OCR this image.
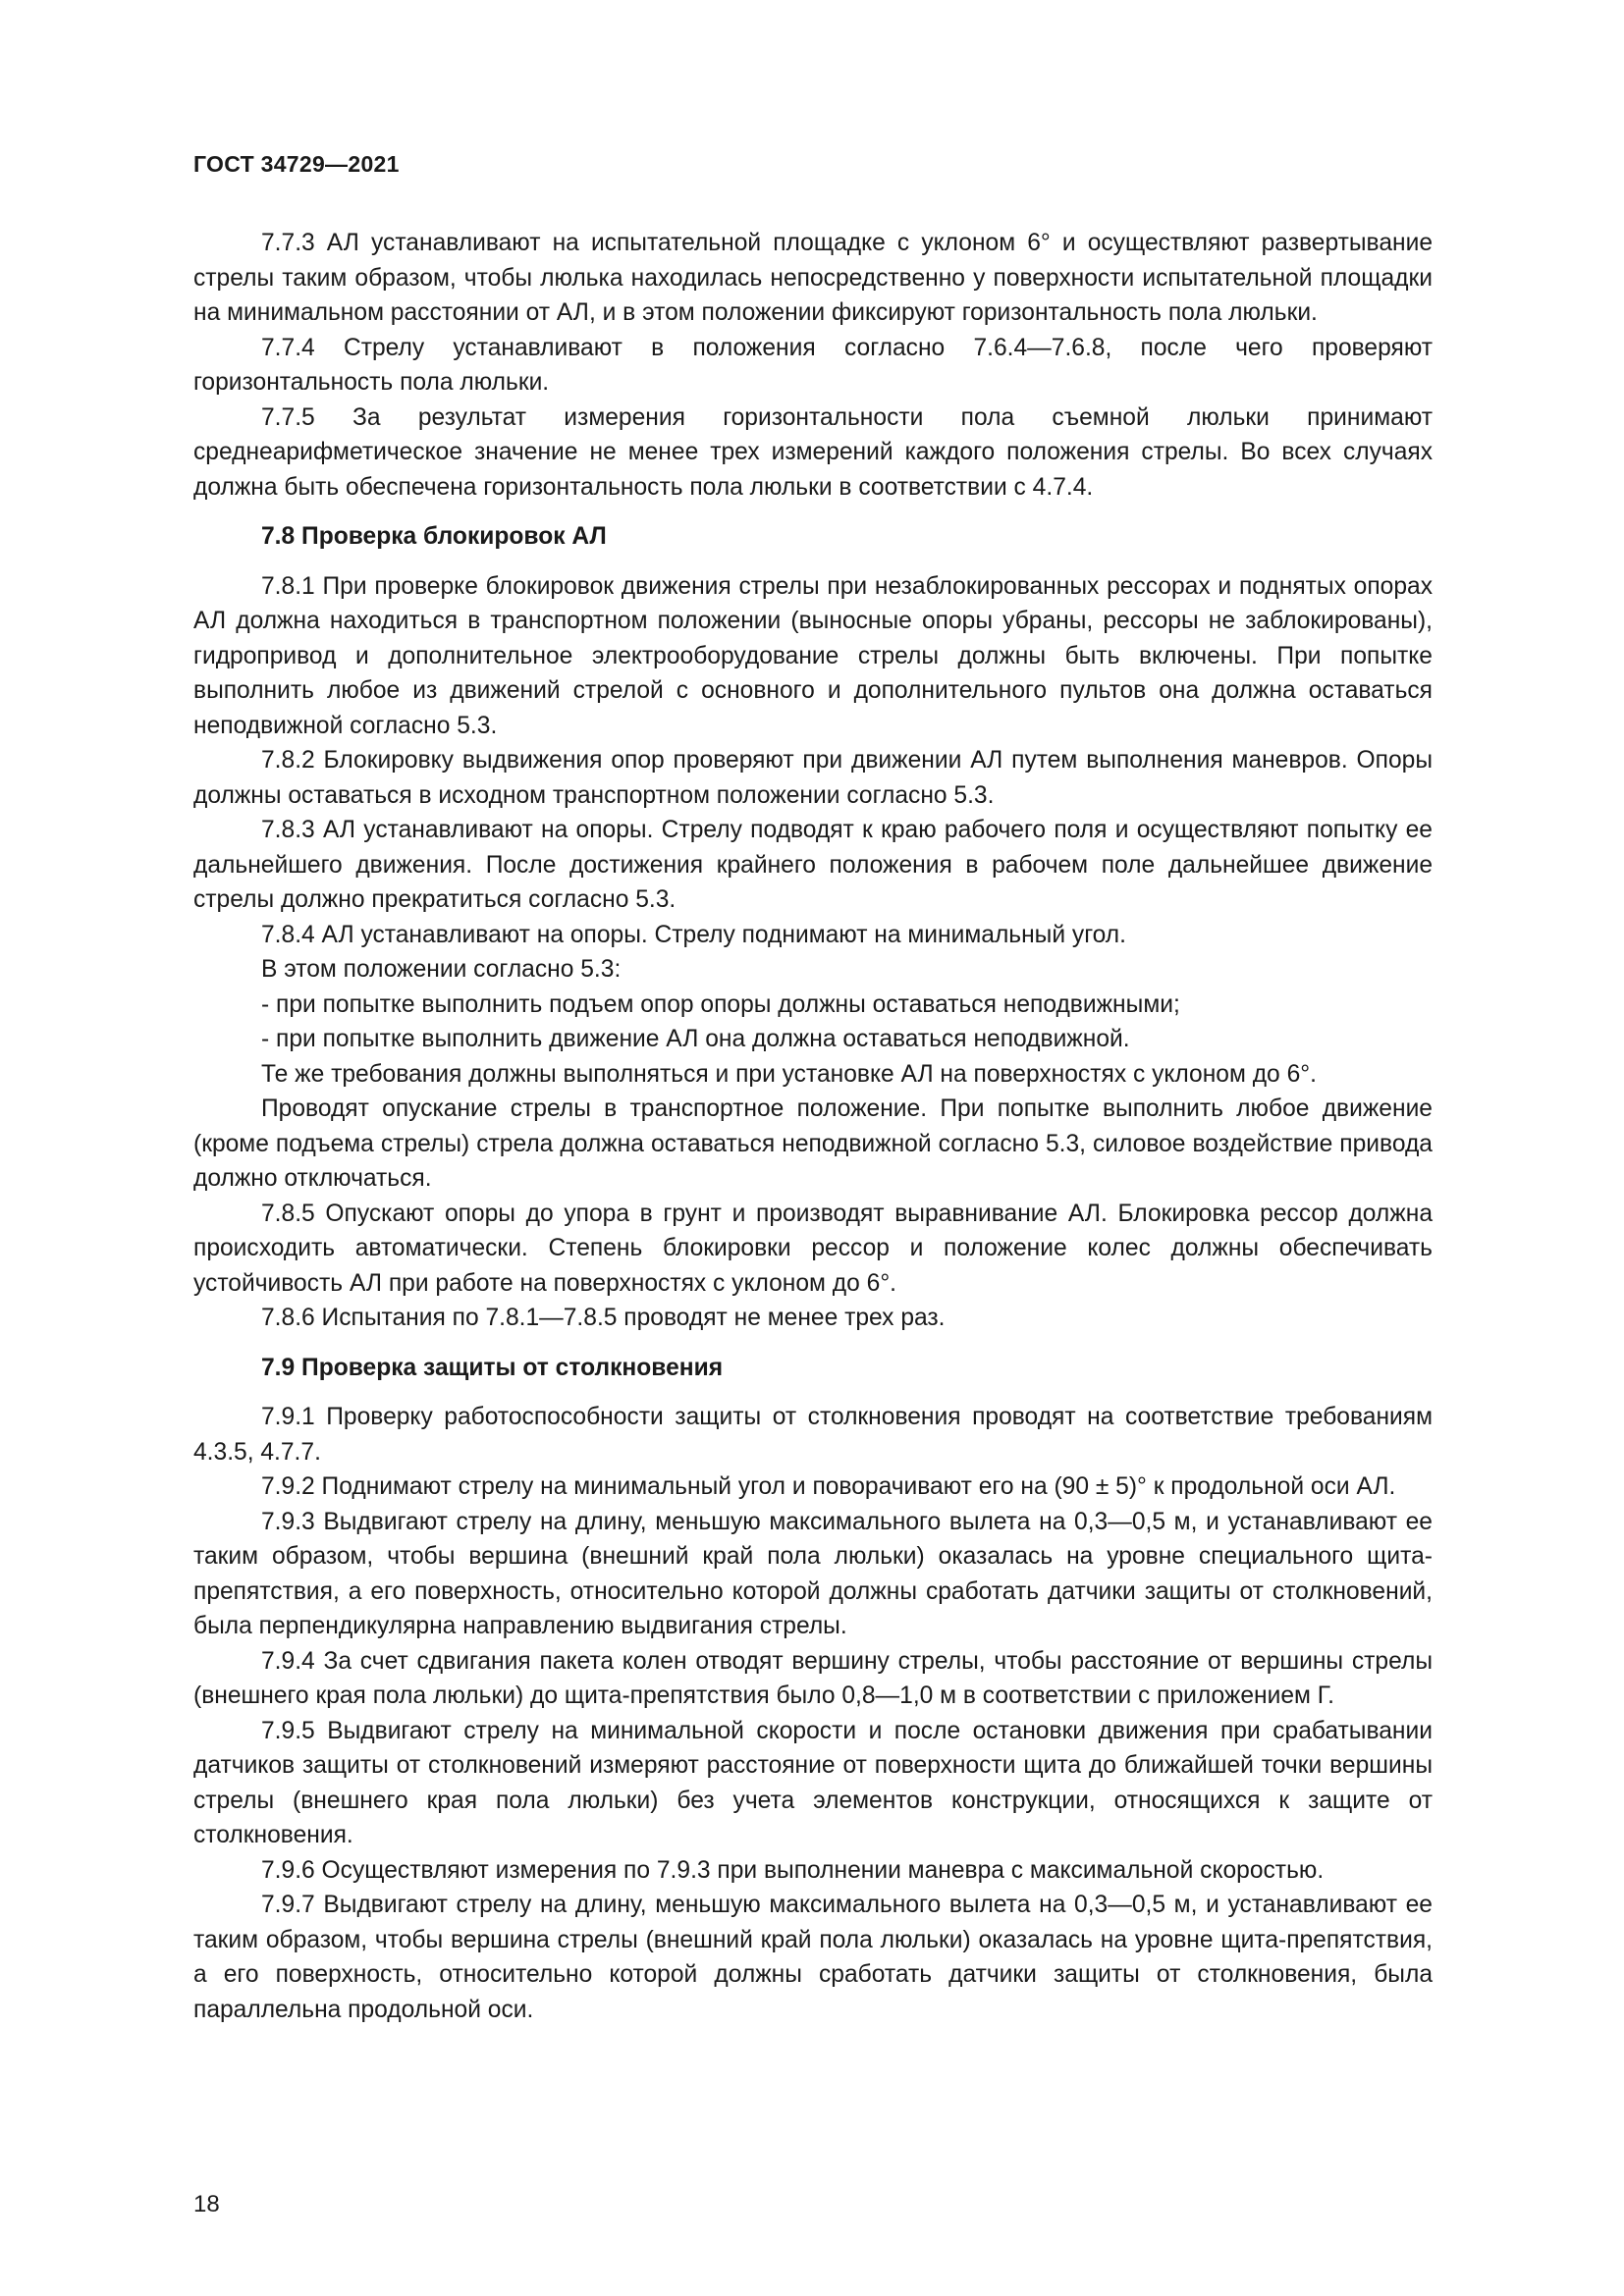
ГОСТ 34729—2021

7.7.3 АЛ устанавливают на испытательной площадке с уклоном 6° и осуществляют развертывание стрелы таким образом, чтобы люлька находилась непосредственно у поверхности испытательной площадки на минимальном расстоянии от АЛ, и в этом положении фиксируют горизонтальность пола люльки.

7.7.4 Стрелу устанавливают в положения согласно 7.6.4—7.6.8, после чего проверяют горизонтальность пола люльки.

7.7.5 За результат измерения горизонтальности пола съемной люльки принимают среднеарифметическое значение не менее трех измерений каждого положения стрелы. Во всех случаях должна быть обеспечена горизонтальность пола люльки в соответствии с 4.7.4.

7.8 Проверка блокировок АЛ

7.8.1 При проверке блокировок движения стрелы при незаблокированных рессорах и поднятых опорах АЛ должна находиться в транспортном положении (выносные опоры убраны, рессоры не заблокированы), гидропривод и дополнительное электрооборудование стрелы должны быть включены. При попытке выполнить любое из движений стрелой с основного и дополнительного пультов она должна оставаться неподвижной согласно 5.3.

7.8.2 Блокировку выдвижения опор проверяют при движении АЛ путем выполнения маневров. Опоры должны оставаться в исходном транспортном положении согласно 5.3.

7.8.3 АЛ устанавливают на опоры. Стрелу подводят к краю рабочего поля и осуществляют попытку ее дальнейшего движения. После достижения крайнего положения в рабочем поле дальнейшее движение стрелы должно прекратиться согласно 5.3.

7.8.4 АЛ устанавливают на опоры. Стрелу поднимают на минимальный угол.

В этом положении согласно 5.3:

- при попытке выполнить подъем опор опоры должны оставаться неподвижными;

- при попытке выполнить движение АЛ она должна оставаться неподвижной.

Те же требования должны выполняться и при установке АЛ на поверхностях с уклоном до 6°.

Проводят опускание стрелы в транспортное положение. При попытке выполнить любое движение (кроме подъема стрелы) стрела должна оставаться неподвижной согласно 5.3, силовое воздействие привода должно отключаться.

7.8.5 Опускают опоры до упора в грунт и производят выравнивание АЛ. Блокировка рессор должна происходить автоматически. Степень блокировки рессор и положение колес должны обеспечивать устойчивость АЛ при работе на поверхностях с уклоном до 6°.

7.8.6 Испытания по 7.8.1—7.8.5 проводят не менее трех раз.

7.9 Проверка защиты от столкновения

7.9.1 Проверку работоспособности защиты от столкновения проводят на соответствие требованиям 4.3.5, 4.7.7.

7.9.2 Поднимают стрелу на минимальный угол и поворачивают его на (90 ± 5)° к продольной оси АЛ.

7.9.3 Выдвигают стрелу на длину, меньшую максимального вылета на 0,3—0,5 м, и устанавливают ее таким образом, чтобы вершина (внешний край пола люльки) оказалась на уровне специального щита-препятствия, а его поверхность, относительно которой должны сработать датчики защиты от столкновений, была перпендикулярна направлению выдвигания стрелы.

7.9.4 За счет сдвигания пакета колен отводят вершину стрелы, чтобы расстояние от вершины стрелы (внешнего края пола люльки) до щита-препятствия было 0,8—1,0 м в соответствии с приложением Г.

7.9.5 Выдвигают стрелу на минимальной скорости и после остановки движения при срабатывании датчиков защиты от столкновений измеряют расстояние от поверхности щита до ближайшей точки вершины стрелы (внешнего края пола люльки) без учета элементов конструкции, относящихся к защите от столкновения.

7.9.6 Осуществляют измерения по 7.9.3 при выполнении маневра с максимальной скоростью.

7.9.7 Выдвигают стрелу на длину, меньшую максимального вылета на 0,3—0,5 м, и устанавливают ее таким образом, чтобы вершина стрелы (внешний край пола люльки) оказалась на уровне щита-препятствия, а его поверхность, относительно которой должны сработать датчики защиты от столкновения, была параллельна продольной оси.

18
